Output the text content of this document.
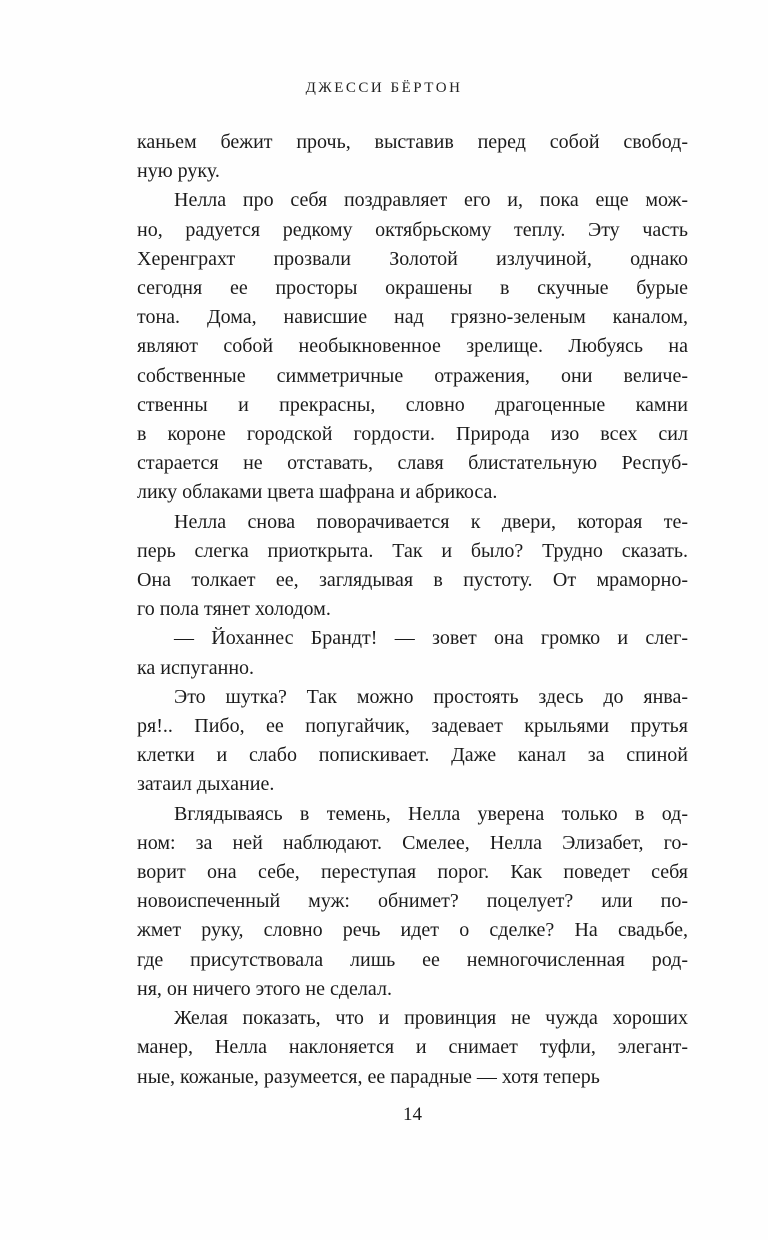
ДЖЕССИ БЁРТОН

каньем бежит прочь, выставив перед собой свобод-
ную руку.

Нелла про себя поздравляет его и, пока еще мож-
но, радуется редкому октябрьскому теплу. Эту часть
Херенграхт прозвали Золотой излучиной, однако
сегодня ее просторы окрашены в скучные бурые
тона. Дома, нависшие над грязно-зеленым каналом,
являют собой необыкновенное зрелище. Любуясь на
собственные симметричные отражения, они величе-
ственны и прекрасны, словно драгоценные камни
в короне городской гордости. Природа изо всех сил
старается не отставать, славя блистательную Респуб-
лику облаками цвета шафрана и абрикоса.

Нелла снова поворачивается к двери, которая те-
перь слегка приоткрыта. Так и было? Трудно сказать.
Она толкает ее, заглядывая в пустоту. От мраморно-
го пола тянет холодом.

— Йоханнес Брандт! — зовет она громко и слег-
ка испуганно.

Это шутка? Так можно простоять здесь до янва-
ря!.. Пибо, ее попугайчик, задевает крыльями прутья
клетки и слабо попискивает. Даже канал за спиной
затаил дыхание.

Вглядываясь в темень, Нелла уверена только в од-
ном: за ней наблюдают. Смелее, Нелла Элизабет, го-
ворит она себе, переступая порог. Как поведет себя
новоиспеченный муж: обнимет? поцелует? или по-
жмет руку, словно речь идет о сделке? На свадьбе,
где присутствовала лишь ее немногочисленная род-
ня, он ничего этого не сделал.

Желая показать, что и провинция не чужда хороших
манер, Нелла наклоняется и снимает туфли, элегант-
ные, кожаные, разумеется, ее парадные — хотя теперь

14
